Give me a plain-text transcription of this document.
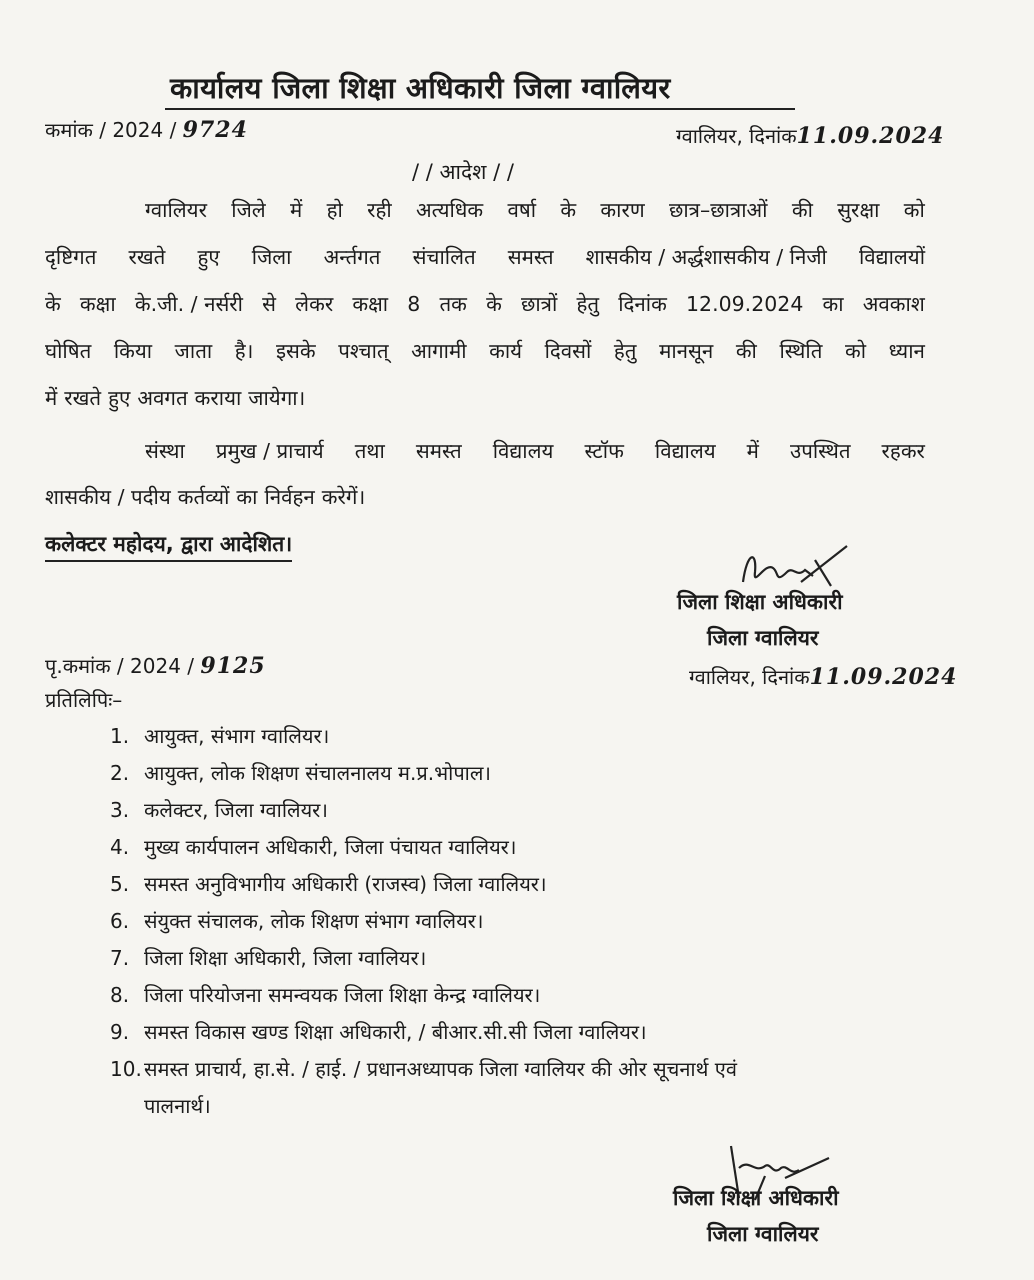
कार्यालय जिला शिक्षा अधिकारी जिला ग्वालियर
कमांक / 2024 / 9724	ग्वालियर, दिनांक11.09.2024
/ / आदेश / /
ग्वालियर जिले में हो रही अत्यधिक वर्षा के कारण छात्र–छात्राओं की सुरक्षा को
दृष्टिगत रखते हुए जिला अर्न्तगत संचालित समस्त शासकीय / अर्द्धशासकीय / निजी विद्यालयों
के कक्षा के.जी. / नर्सरी से लेकर कक्षा 8 तक के छात्रों हेतु दिनांक 12.09.2024 का अवकाश
घोषित किया जाता है। इसके पश्चात् आगामी कार्य दिवसों हेतु मानसून की स्थिति को ध्यान
में रखते हुए अवगत कराया जायेगा।
संस्था प्रमुख / प्राचार्य तथा समस्त विद्यालय स्टॉफ विद्यालय में उपस्थित रहकर
शासकीय / पदीय कर्तव्यों का निर्वहन करेगें।
कलेक्टर महोदय, द्वारा आदेशित।
जिला शिक्षा अधिकारी
जिला ग्वालियर
ग्वालियर, दिनांक11.09.2024
पृ.कमांक / 2024 / 9125
प्रतिलिपिः–
1. आयुक्त, संभाग ग्वालियर।
2. आयुक्त, लोक शिक्षण संचालनालय म.प्र.भोपाल।
3. कलेक्टर, जिला ग्वालियर।
4. मुख्य कार्यपालन अधिकारी, जिला पंचायत ग्वालियर।
5. समस्त अनुविभागीय अधिकारी (राजस्व) जिला ग्वालियर।
6. संयुक्त संचालक, लोक शिक्षण संभाग ग्वालियर।
7. जिला शिक्षा अधिकारी, जिला ग्वालियर।
8. जिला परियोजना समन्वयक जिला शिक्षा केन्द्र ग्वालियर।
9. समस्त विकास खण्ड शिक्षा अधिकारी, / बीआर.सी.सी जिला ग्वालियर।
10. समस्त प्राचार्य, हा.से. / हाई. / प्रधानअध्यापक जिला ग्वालियर की ओर सूचनार्थ एवं
पालनार्थ।
जिला शिक्षा अधिकारी
जिला ग्वालियर
